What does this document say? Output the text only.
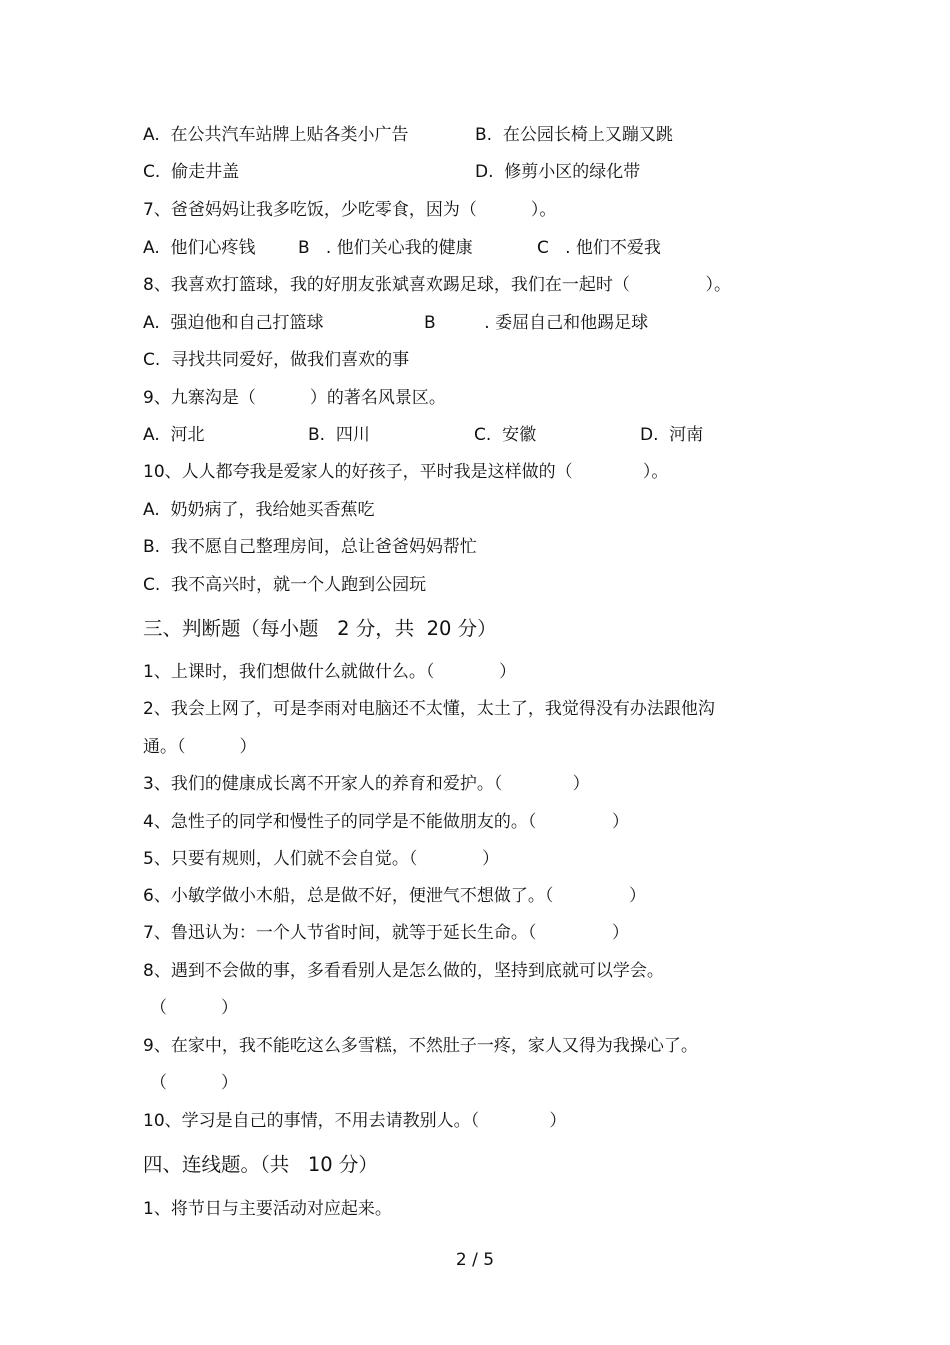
A.  在公共汽车站牌上贴各类小广告	B.  在公园长椅上又蹦又跳
C.  偷走井盖	D.  修剪小区的绿化带
7、爸爸妈妈让我多吃饭，少吃零食，因为（          ）。
A.  他们心疼钱 B   . 他们关心我的健康	C   . 他们不爱我
8、我喜欢打篮球，我的好朋友张斌喜欢踢足球，我们在一起时（              ）。
A.  强迫他和自己打篮球	B         . 委屈自己和他踢足球
C.  寻找共同爱好，做我们喜欢的事
9、九寨沟是（          ）的著名风景区。
A.  河北	B.  四川	C.  安徽	D.  河南
10、人人都夸我是爱家人的好孩子，平时我是这样做的（             ）。
A.  奶奶病了，我给她买香蕉吃
B.  我不愿自己整理房间，总让爸爸妈妈帮忙
C.  我不高兴时，就一个人跑到公园玩
三、判断题（每小题   2 分，共  20 分）
1、上课时，我们想做什么就做什么。（            ）
2、我会上网了，可是李雨对电脑还不太懂，太土了，我觉得没有办法跟他沟
通。（          ）
3、我们的健康成长离不开家人的养育和爱护。（             ）
4、急性子的同学和慢性子的同学是不能做朋友的。（              ）
5、只要有规则，人们就不会自觉。（            ）
6、小敏学做小木船，总是做不好，便泄气不想做了。（              ）
7、鲁迅认为：一个人节省时间，就等于延长生命。（              ）
8、遇到不会做的事，多看看别人是怎么做的，坚持到底就可以学会。
（          ）
9、在家中，我不能吃这么多雪糕，不然肚子一疼，家人又得为我操心了。
（          ）
10、学习是自己的事情，不用去请教别人。（             ）
四、连线题。（共   10 分）
1、将节日与主要活动对应起来。
2 / 5
